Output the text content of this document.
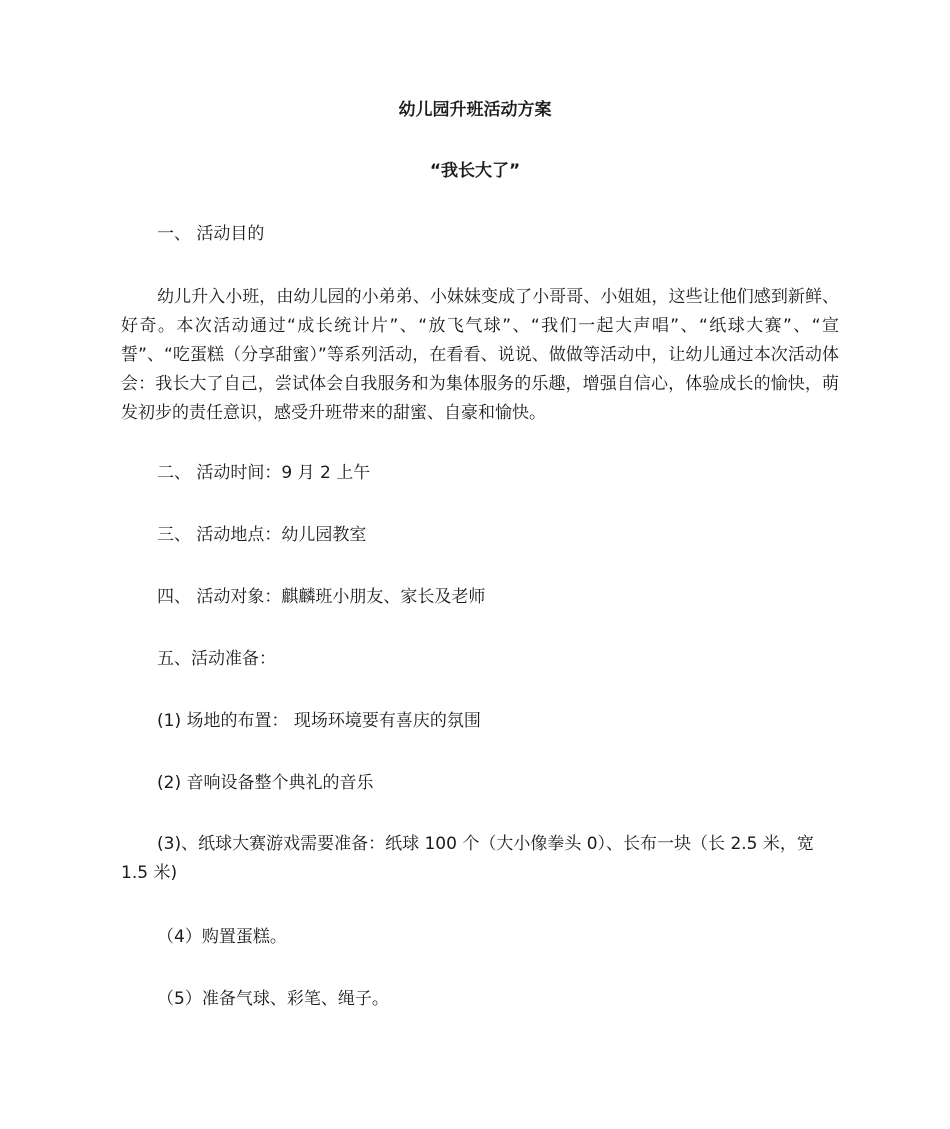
幼儿园升班活动方案
“我长大了”
一、 活动目的
幼儿升入小班，由幼儿园的小弟弟、小妹妹变成了小哥哥、小姐姐，这些让他们感到新鲜、好奇。本次活动通过“成长统计片”、“放飞气球”、“我们一起大声唱”、“纸球大赛”、“宣誓”、“吃蛋糕（分享甜蜜）”等系列活动，在看看、说说、做做等活动中，让幼儿通过本次活动体会：我长大了自己，尝试体会自我服务和为集体服务的乐趣，增强自信心，体验成长的愉快，萌发初步的责任意识，感受升班带来的甜蜜、自豪和愉快。
二、 活动时间：9 月 2 上午
三、 活动地点：幼儿园教室
四、 活动对象：麒麟班小朋友、家长及老师
五、活动准备：
(1) 场地的布置： 现场环境要有喜庆的氛围
(2) 音响设备整个典礼的音乐
(3)、纸球大赛游戏需要准备：纸球 100 个（大小像拳头 0）、长布一块（长 2.5 米，宽 1.5 米)
（4）购置蛋糕。
（5）准备气球、彩笔、绳子。
